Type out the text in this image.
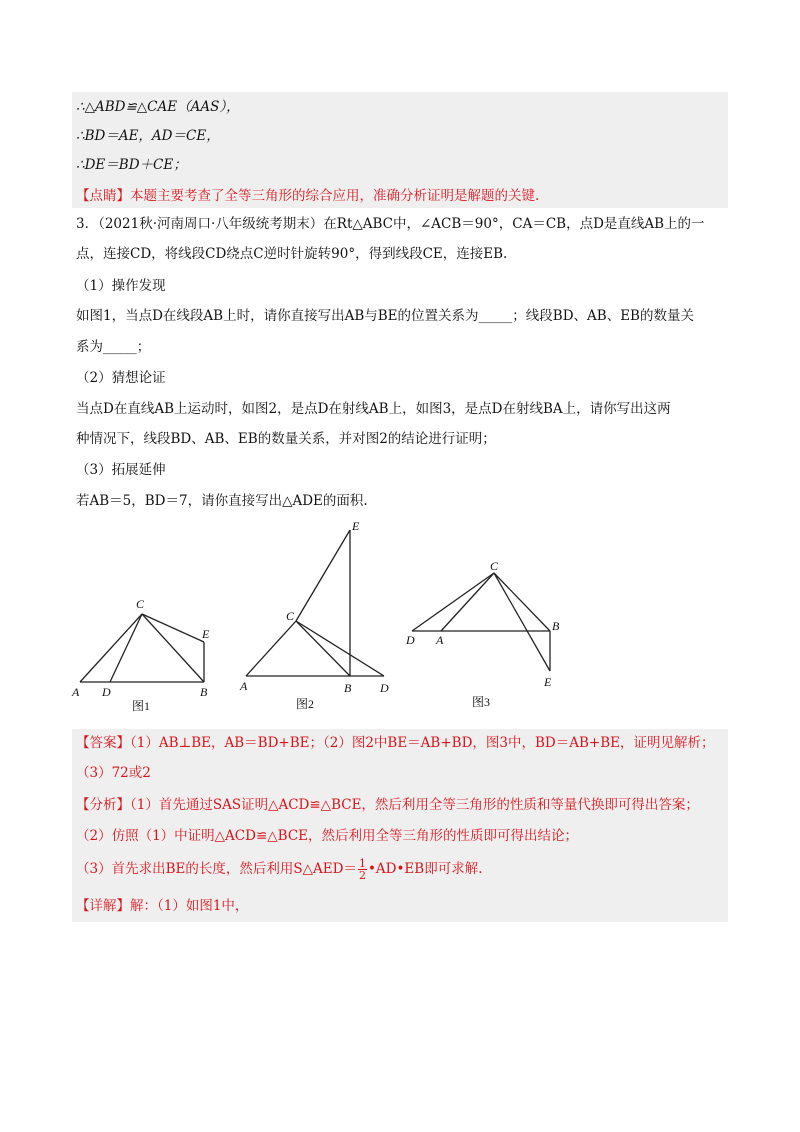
∴△ABD≌△CAE（AAS），
∴BD＝AE，AD＝CE，
∴DE＝BD＋CE；
【点睛】本题主要考查了全等三角形的综合应用，准确分析证明是解题的关键.
3．（2021秋·河南周口·八年级统考期末）在Rt△ABC中，∠ACB＝90°，CA＝CB，点D是直线AB上的一
点，连接CD，将线段CD绕点C逆时针旋转90°，得到线段CE，连接EB.
（1）操作发现
如图1，当点D在线段AB上时，请你直接写出AB与BE的位置关系为_____；线段BD、AB、EB的数量关
系为_____；
（2）猜想论证
当点D在直线AB上运动时，如图2，是点D在射线AB上，如图3，是点D在射线BA上，请你写出这两
种情况下，线段BD、AB、EB的数量关系，并对图2的结论进行证明；
（3）拓展延伸
若AB＝5，BD＝7，请你直接写出△ADE的面积.
A D	B
C
E
A	B D
C
E
D A
B
C
E
图1	图2	图3
【答案】（1）AB⊥BE，AB＝BD+BE；（2）图2中BE＝AB+BD，图3中，BD＝AB+BE，证明见解析；
（3）72或2
【分析】（1）首先通过SAS证明△ACD≌△BCE，然后利用全等三角形的性质和等量代换即可得出答案；
（2）仿照（1）中证明△ACD≌△BCE，然后利用全等三角形的性质即可得出结论；
（3）首先求出BE的长度，然后利用S△AED＝ $\frac{1}{2}$ •AD•EB即可求解.
【详解】解：（1）如图1中，
